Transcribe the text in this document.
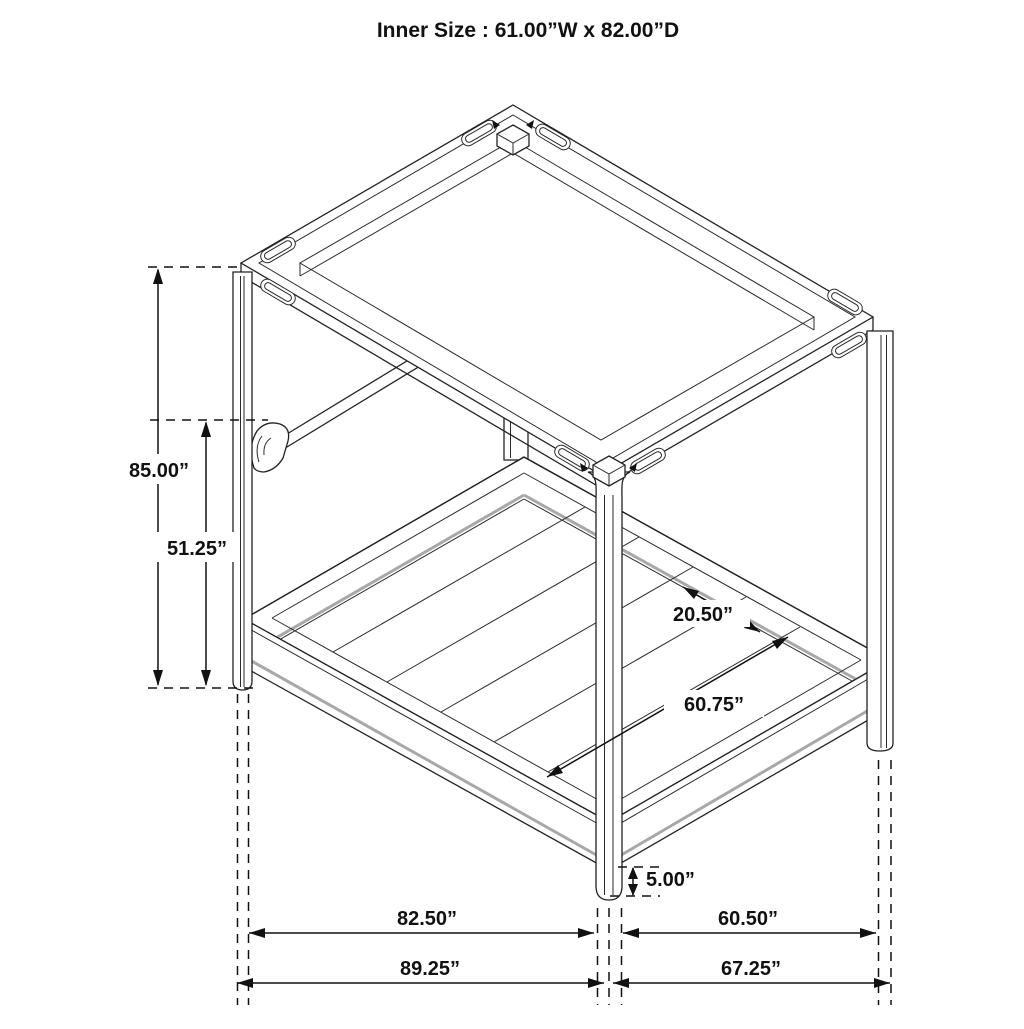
Inner Size : 61.00”W x 82.00”D
85.00”
51.25”
20.50”
60.75”
5.00”
82.50”	60.50”
89.25”	67.25”
